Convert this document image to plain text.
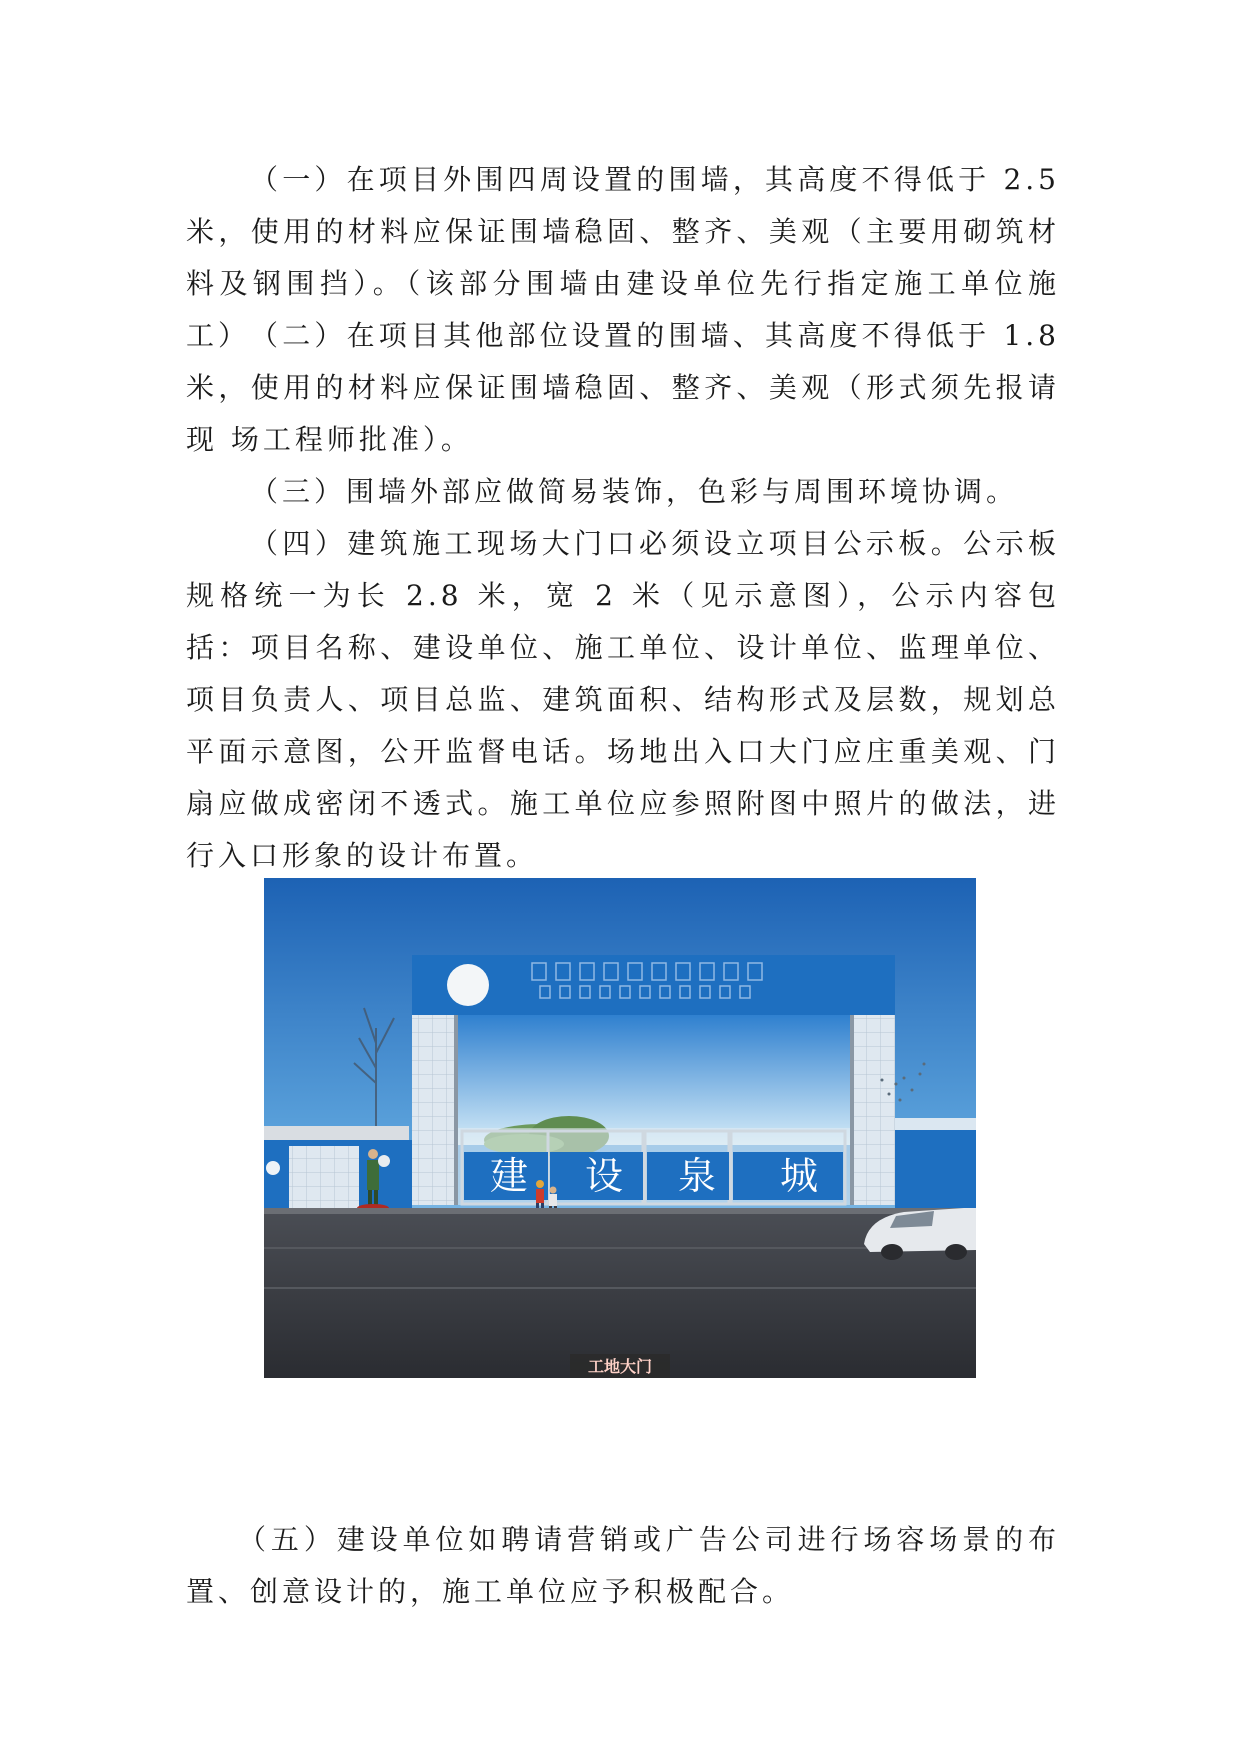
（一）在项目外围四周设置的围墙，其高度不得低于 2.5 米，使用的材料应保证围墙稳固、整齐、美观（主要用砌筑材料及钢围挡）。（该部分围墙由建设单位先行指定施工单位施工） （二）在项目其他部位设置的围墙、其高度不得低于 1.8 米，使用的材料应保证围墙稳固、整齐、美观（形式须先报请现 场工程师批准）。

（三）围墙外部应做简易装饰，色彩与周围环境协调。

（四）建筑施工现场大门口必须设立项目公示板。公示板规格统一为长 2.8 米，宽 2 米（见示意图），公示内容包括：项目名称、建设单位、施工单位、设计单位、监理单位、项目负责人、项目总监、建筑面积、结构形式及层数，规划总平面示意图，公开监督电话。场地出入口大门应庄重美观、门扇应做成密闭不透式。施工单位应参照附图中照片的做法，进行入口形象的设计布置。

建 设 泉 城
工地大门

（五）建设单位如聘请营销或广告公司进行场容场景的布置、创意设计的，施工单位应予积极配合。
